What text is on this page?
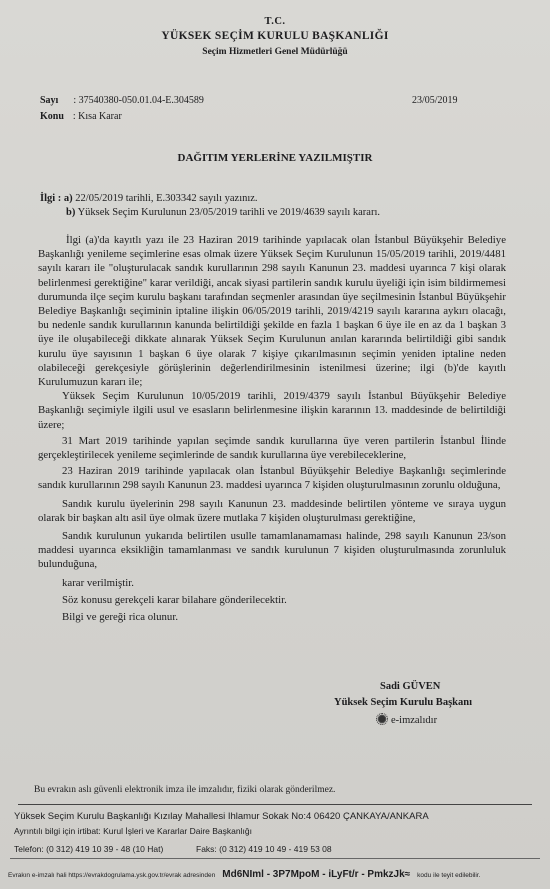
T.C.
YÜKSEK SEÇİM KURULU BAŞKANLIĞI
Seçim Hizmetleri Genel Müdürlüğü
Sayı : 37540380-050.01.04-E.304589	23/05/2019
Konu : Kısa Karar
DAĞITIM YERLERİNE YAZILMIŞTIR
İlgi : a) 22/05/2019 tarihli, E.303342 sayılı yazınız.
b) Yüksek Seçim Kurulunun 23/05/2019 tarihli ve 2019/4639 sayılı kararı.

İlgi (a)'da kayıtlı yazı ile 23 Haziran 2019 tarihinde yapılacak olan İstanbul Büyükşehir Belediye Başkanlığı yenileme seçimlerine esas olmak üzere Yüksek Seçim Kurulunun 15/05/2019 tarihli, 2019/4481 sayılı kararı ile "oluşturulacak sandık kurullarının 298 sayılı Kanunun 23. maddesi uyarınca 7 kişi olarak belirlenmesi gerektiğine" karar verildiği, ancak siyasi partilerin sandık kurulu üyeliği için isim bildirmemesi durumunda ilçe seçim kurulu başkanı tarafından seçmenler arasından üye seçilmesinin İstanbul Büyükşehir Belediye Başkanlığı seçiminin iptaline ilişkin 06/05/2019 tarihli, 2019/4219 sayılı kararına aykırı olacağı, bu nedenle sandık kurullarının kanunda belirtildiği şekilde en fazla 1 başkan 6 üye ile en az da 1 başkan 3 üye ile oluşabileceği dikkate alınarak Yüksek Seçim Kurulunun anılan kararında belirtildiği gibi sandık kurulu üye sayısının 1 başkan 6 üye olarak 7 kişiye çıkarılmasının seçimin yeniden iptaline neden olabileceği gerekçesiyle görüşlerinin değerlendirilmesinin istenilmesi üzerine; ilgi (b)'de kayıtlı Kurulumuzun kararı ile;

Yüksek Seçim Kurulunun 10/05/2019 tarihli, 2019/4379 sayılı İstanbul Büyükşehir Belediye Başkanlığı seçimiyle ilgili usul ve esasların belirlenmesine ilişkin kararının 13. maddesinde de belirtildiği üzere;

31 Mart 2019 tarihinde yapılan seçimde sandık kurullarına üye veren partilerin İstanbul İlinde gerçekleştirilecek yenileme seçimlerinde de sandık kurullarına üye verebileceklerine,

23 Haziran 2019 tarihinde yapılacak olan İstanbul Büyükşehir Belediye Başkanlığı seçimlerinde sandık kurullarının 298 sayılı Kanunun 23. maddesi uyarınca 7 kişiden oluşturulmasının zorunlu olduğuna,

Sandık kurulu üyelerinin 298 sayılı Kanunun 23. maddesinde belirtilen yönteme ve sıraya uygun olarak bir başkan altı asil üye olmak üzere mutlaka 7 kişiden oluşturulması gerektiğine,

Sandık kurulunun yukarıda belirtilen usulle tamamlanamaması halinde, 298 sayılı Kanunun 23/son maddesi uyarınca eksikliğin tamamlanması ve sandık kurulunun 7 kişiden oluşturulmasında zorunluluk bulunduğuna,

karar verilmiştir.

Söz konusu gerekçeli karar bilahare gönderilecektir.

Bilgi ve gereği rica olunur.

Sadi GÜVEN
Yüksek Seçim Kurulu Başkanı
e-imzalıdır
Bu evrakın aslı güvenli elektronik imza ile imzalıdır, fiziki olarak gönderilmez.
Yüksek Seçim Kurulu Başkanlığı Kızılay Mahallesi Ihlamur Sokak No:4 06420 ÇANKAYA/ANKARA
Ayrıntılı bilgi için irtibat: Kurul İşleri ve Kararlar Daire Başkanlığı
Telefon: (0 312) 419 10 39 - 48 (10 Hat)	Faks: (0 312) 419 10 49 - 419 53 08
Evrakın e-imzalı hali https://evrakdogrulama.ysk.gov.tr/evrak adresinden Md6NIml - 3P7MpoM - iLyFt/r - PmkzJk≈ kodu ile teyit edilebilir.
